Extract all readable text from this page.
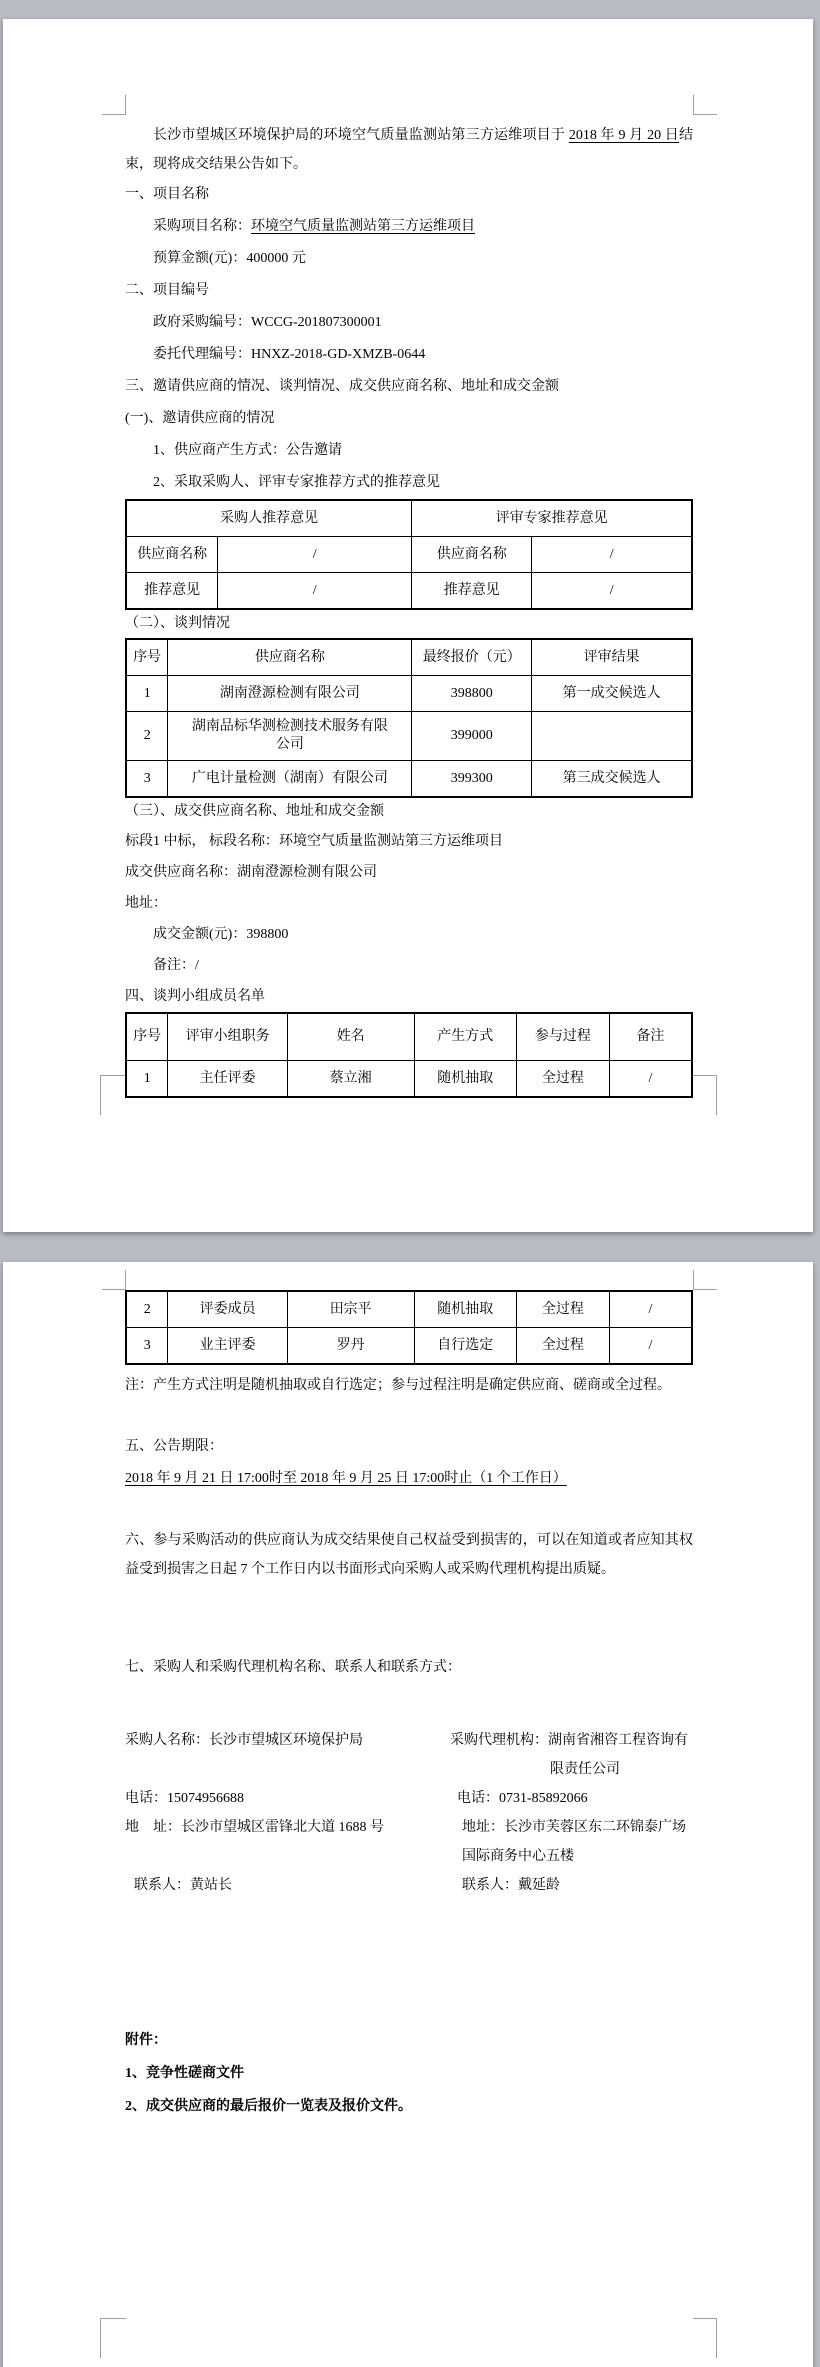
长沙市望城区环境保护局的环境空气质量监测站第三方运维项目于 2018 年 9 月 20 日结束，现将成交结果公告如下。

一、项目名称

采购项目名称：环境空气质量监测站第三方运维项目

预算金额(元)：400000 元

二、项目编号

政府采购编号：WCCG-201807300001

委托代理编号：HNXZ-2018-GD-XMZB-0644

三、邀请供应商的情况、谈判情况、成交供应商名称、地址和成交金额

(一)、邀请供应商的情况

1、供应商产生方式：公告邀请

2、采取采购人、评审专家推荐方式的推荐意见

采购人推荐意见		评审专家推荐意见	
供应商名称	/	供应商名称	/
推荐意见	/	推荐意见	/

（二）、谈判情况

序号	供应商名称	最终报价（元）	评审结果
1	湖南澄源检测有限公司	398800	第一成交候选人
2	湖南品标华测检测技术服务有限公司	399000	
3	广电计量检测（湖南）有限公司	399300	第三成交候选人

（三）、成交供应商名称、地址和成交金额

标段1 中标， 标段名称：环境空气质量监测站第三方运维项目

成交供应商名称：湖南澄源检测有限公司

地址：

成交金额(元)：398800

备注：/

四、谈判小组成员名单

序号	评审小组职务	姓名	产生方式	参与过程	备注
1	主任评委	蔡立湘	随机抽取	全过程	/
2	评委成员	田宗平	随机抽取	全过程	/
3	业主评委	罗丹	自行选定	全过程	/

注：产生方式注明是随机抽取或自行选定；参与过程注明是确定供应商、磋商或全过程。

五、公告期限：

2018 年 9 月 21 日 17:00时至 2018 年 9 月 25 日 17:00时止（1 个工作日）

六、参与采购活动的供应商认为成交结果使自己权益受到损害的，可以在知道或者应知其权益受到损害之日起 7 个工作日内以书面形式向采购人或采购代理机构提出质疑。

七、采购人和采购代理机构名称、联系人和联系方式：

采购人名称：长沙市望城区环境保护局

电话：15074956688
地　址：长沙市望城区雷锋北大道 1688 号

联系人：黄站长
采购代理机构：湖南省湘咨工程咨询有
限责任公司
电话：0731-85892066
地址：长沙市芙蓉区东二环锦泰广场
国际商务中心五楼
联系人：戴延龄

附件：

1、竞争性磋商文件

2、成交供应商的最后报价一览表及报价文件。
